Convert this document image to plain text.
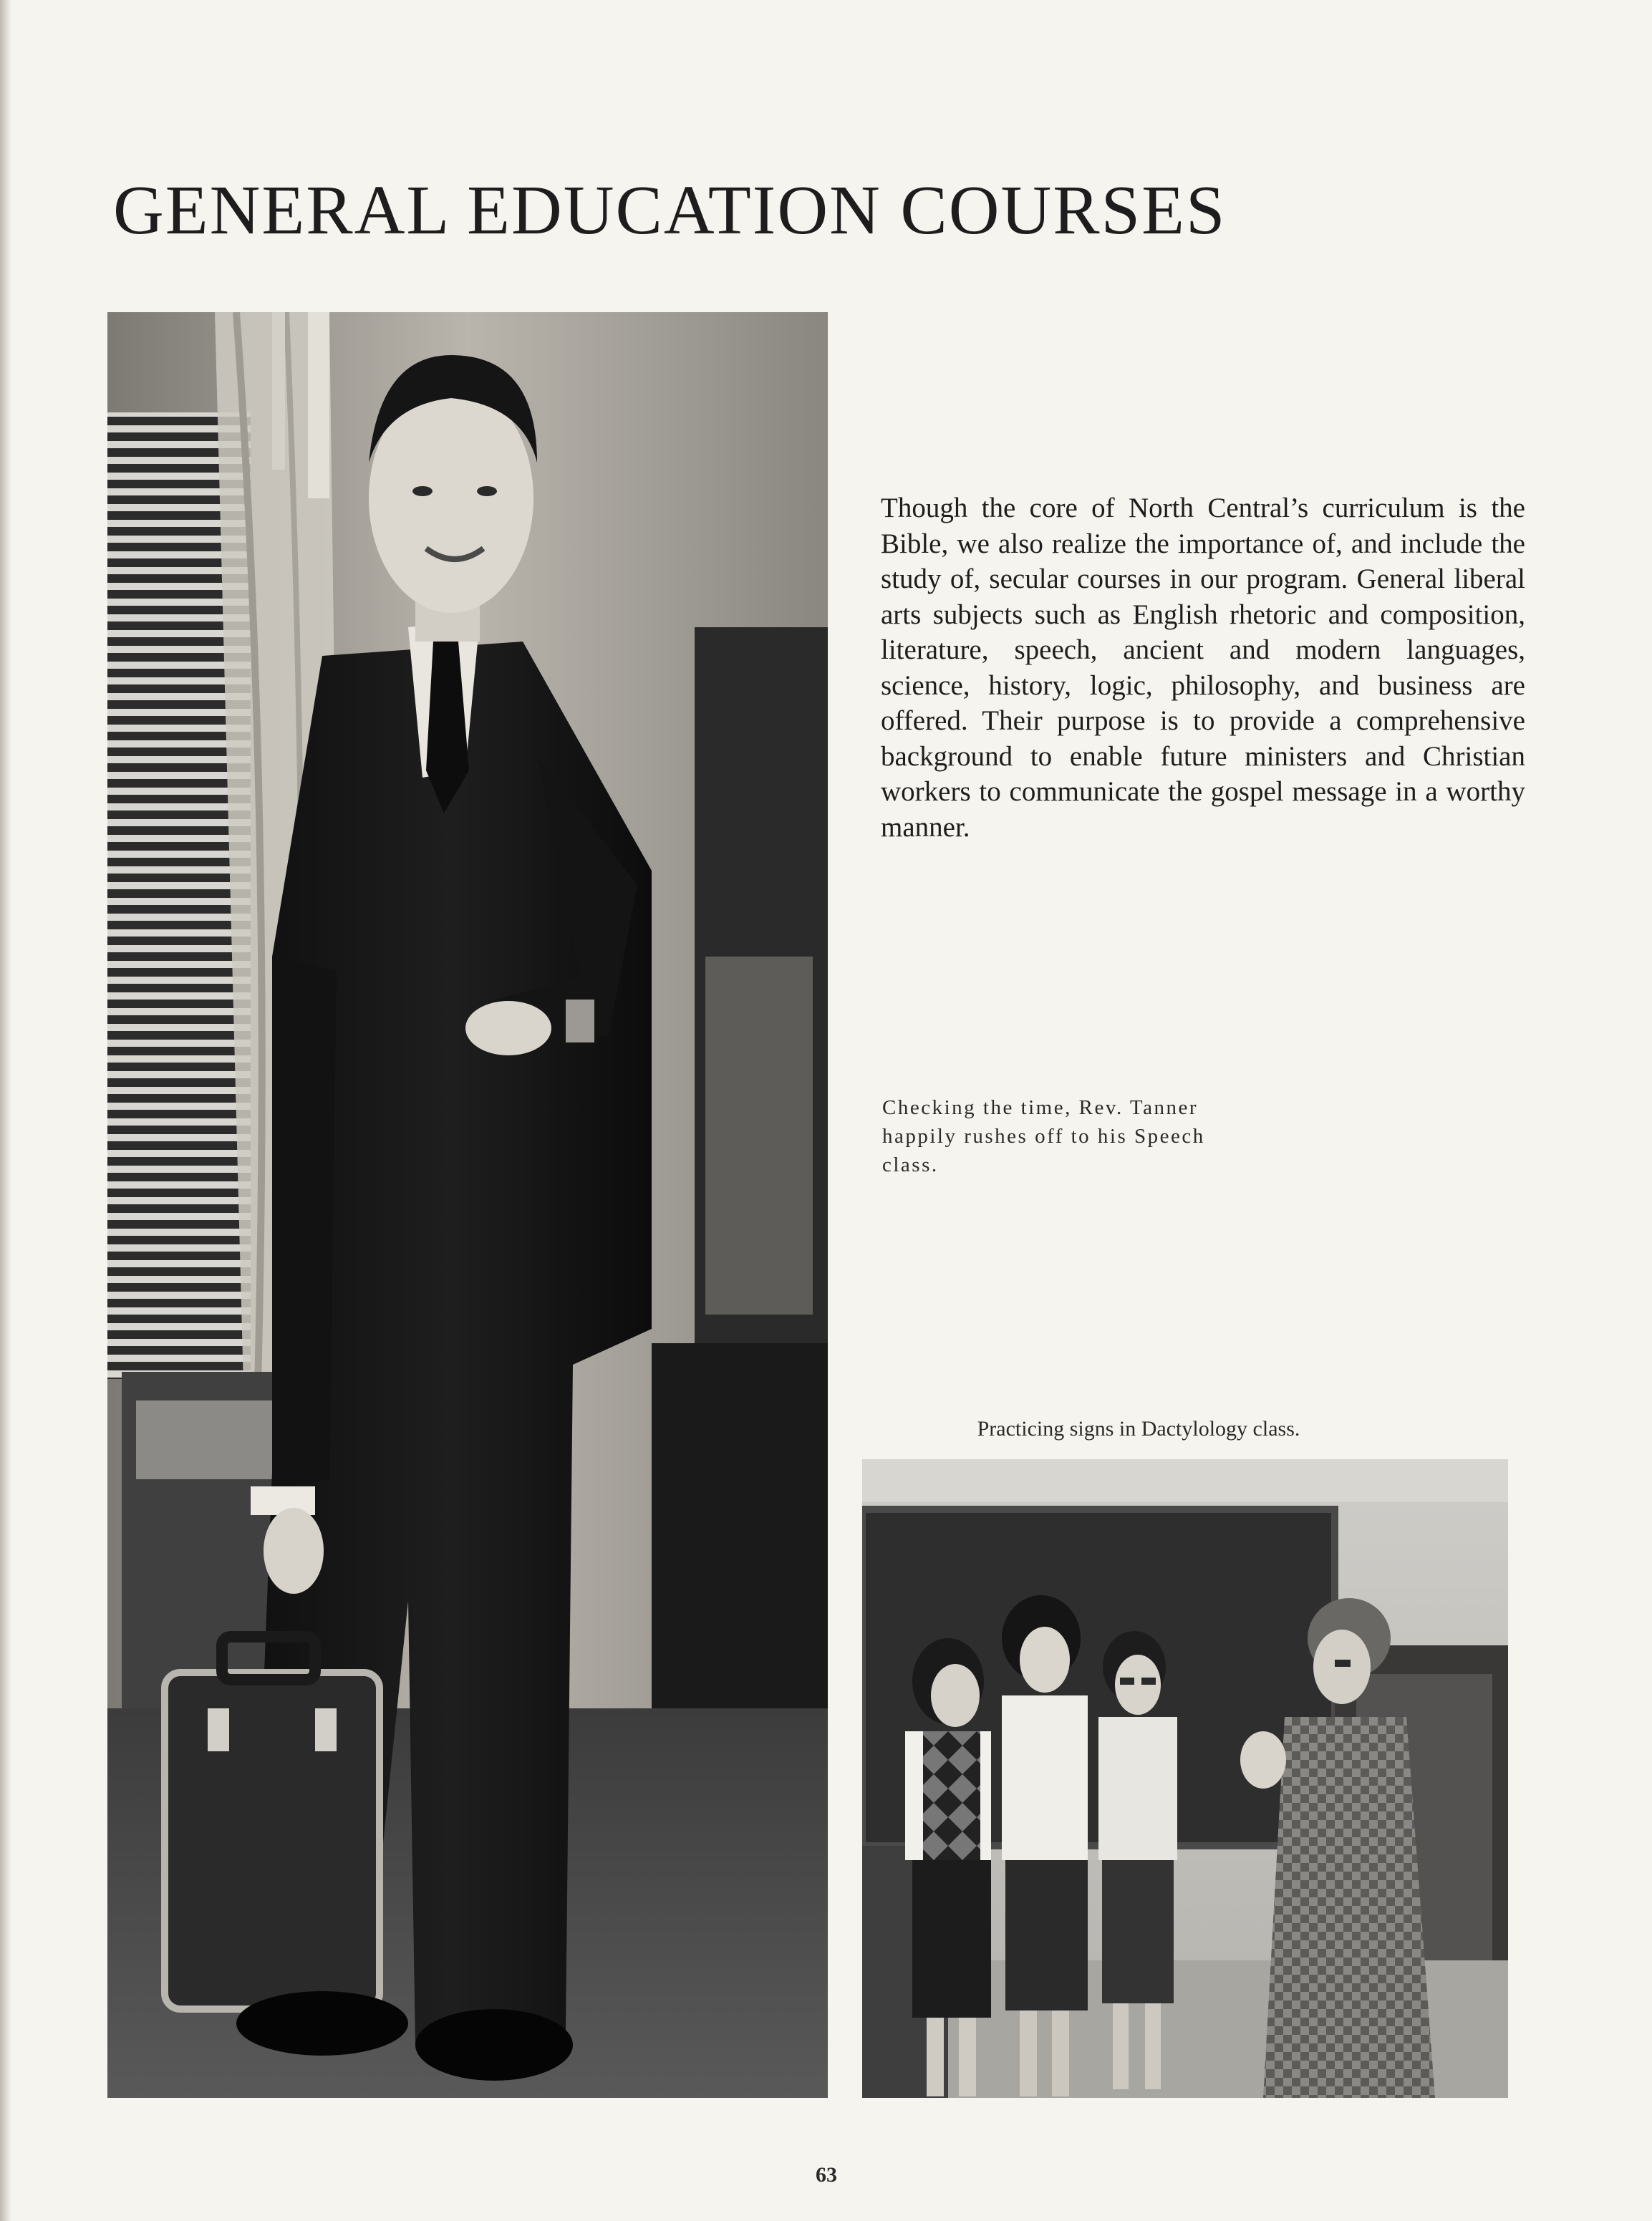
GENERAL EDUCATION COURSES

Though the core of North Central’s curriculum is the Bible, we also realize the importance of, and include the study of, secular courses in our program. General liberal arts subjects such as English rhetoric and composition, literature, speech, ancient and modern languages, science, history, logic, philosophy, and business are offered. Their purpose is to provide a comprehensive background to enable future ministers and Christian workers to communicate the gospel message in a worthy manner.

Checking the time, Rev. Tanner happily rushes off to his Speech class.

Practicing signs in Dactylology class.

63
